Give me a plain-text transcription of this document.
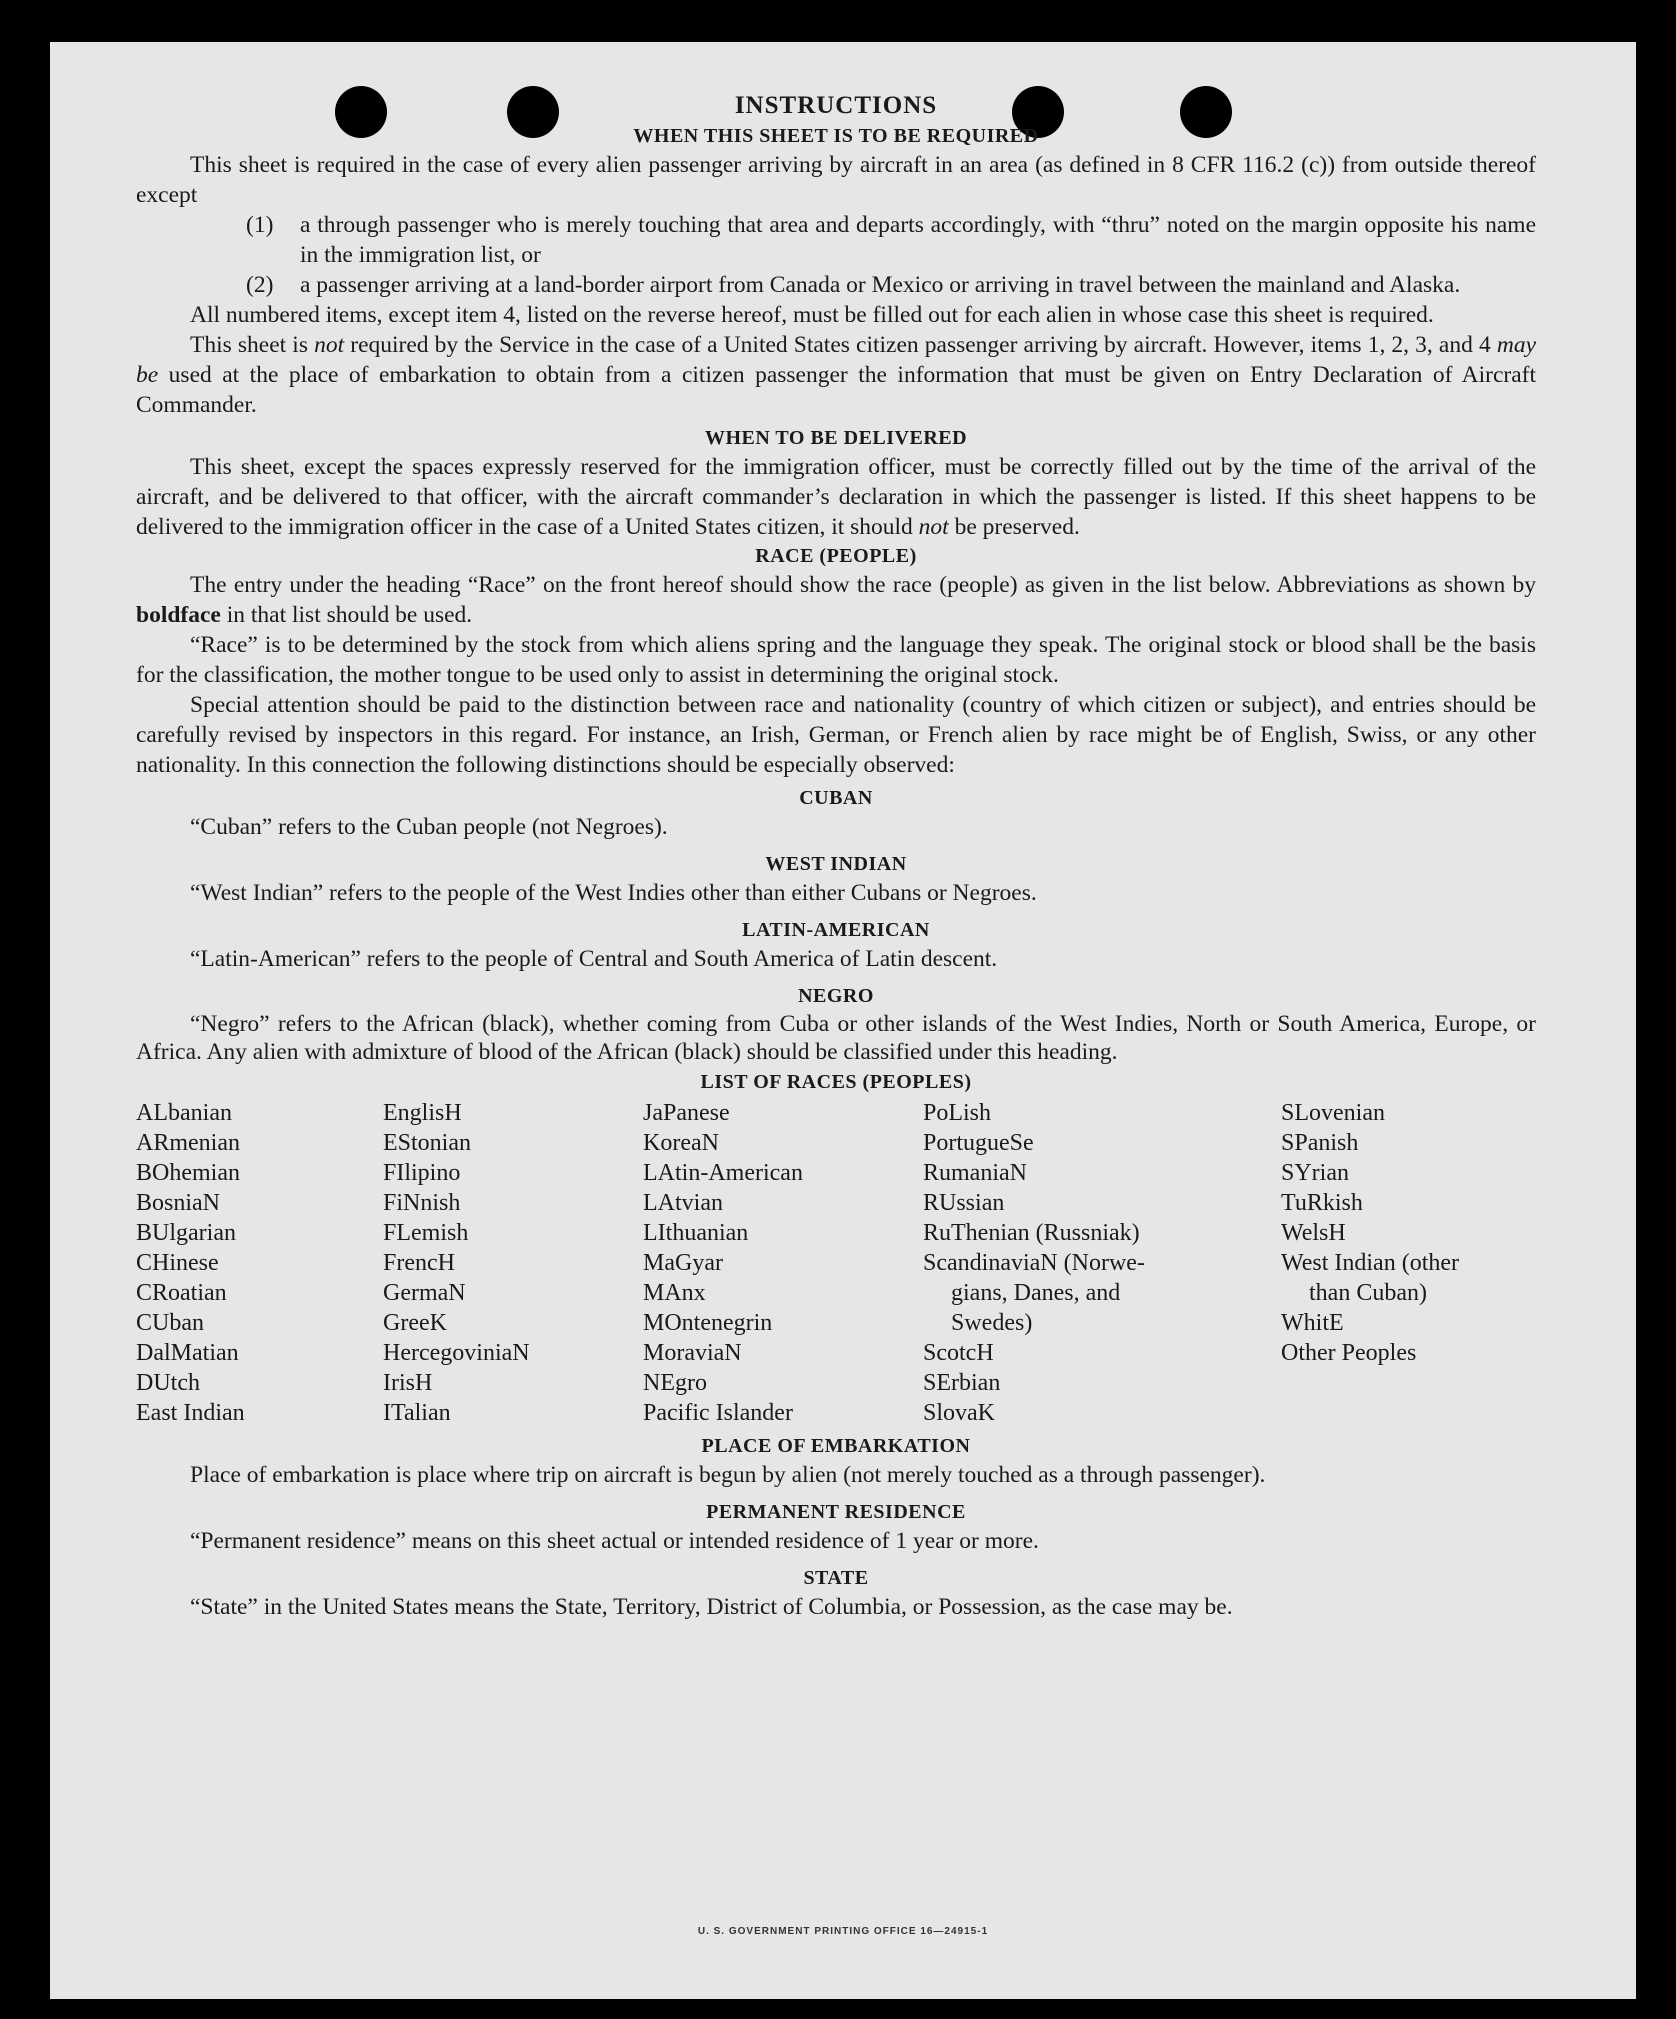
INSTRUCTIONS
WHEN THIS SHEET IS TO BE REQUIRED

This sheet is required in the case of every alien passenger arriving by aircraft in an area (as defined in 8 CFR 116.2 (c)) from outside thereof except

(1)	a through passenger who is merely touching that area and departs accordingly, with “thru” noted on the margin opposite his name in the immigration list, or
(2)	a passenger arriving at a land-border airport from Canada or Mexico or arriving in travel between the mainland and Alaska.

All numbered items, except item 4, listed on the reverse hereof, must be filled out for each alien in whose case this sheet is required.

This sheet is not required by the Service in the case of a United States citizen passenger arriving by aircraft. However, items 1, 2, 3, and 4 may be used at the place of embarkation to obtain from a citizen passenger the information that must be given on Entry Declaration of Aircraft Commander.

WHEN TO BE DELIVERED

This sheet, except the spaces expressly reserved for the immigration officer, must be correctly filled out by the time of the arrival of the aircraft, and be delivered to that officer, with the aircraft commander’s declaration in which the passenger is listed. If this sheet happens to be delivered to the immigration officer in the case of a United States citizen, it should not be preserved.

RACE (PEOPLE)

The entry under the heading “Race” on the front hereof should show the race (people) as given in the list below. Abbreviations as shown by boldface in that list should be used.

“Race” is to be determined by the stock from which aliens spring and the language they speak. The original stock or blood shall be the basis for the classification, the mother tongue to be used only to assist in determining the original stock.

Special attention should be paid to the distinction between race and nationality (country of which citizen or subject), and entries should be carefully revised by inspectors in this regard. For instance, an Irish, German, or French alien by race might be of English, Swiss, or any other nationality. In this connection the following distinctions should be especially observed:

CUBAN
“Cuban” refers to the Cuban people (not Negroes).
WEST INDIAN
“West Indian” refers to the people of the West Indies other than either Cubans or Negroes.
LATIN-AMERICAN
“Latin-American” refers to the people of Central and South America of Latin descent.
NEGRO

“Negro” refers to the African (black), whether coming from Cuba or other islands of the West Indies, North or South America, Europe, or Africa. Any alien with admixture of blood of the African (black) should be classified under this heading.

LIST OF RACES (PEOPLES)
ALbanian
ARmenian
BOhemian
BosniaN
BUlgarian
CHinese
CRoatian
CUban
DalMatian
DUtch
East Indian
EnglisH
EStonian
FIlipino
FiNnish
FLemish
FrencH
GermaN
GreeK
HercegoviniaN
IrisH
ITalian
JaPanese
KoreaN
LAtin-American
LAtvian
LIthuanian
MaGyar
MAnx
MOntenegrin
MoraviaN
NEgro
Pacific Islander
PoLish
PortugueSe
RumaniaN
RUssian
RuThenian (Russniak)
ScandinaviaN (Norwe-
gians, Danes, and
Swedes)
ScotcH
SErbian
SlovaK
SLovenian
SPanish
SYrian
TuRkish
WelsH
West Indian (other
than Cuban)
WhitE
Other Peoples
PLACE OF EMBARKATION

Place of embarkation is place where trip on aircraft is begun by alien (not merely touched as a through passenger).

PERMANENT RESIDENCE
“Permanent residence” means on this sheet actual or intended residence of 1 year or more.
STATE

“State” in the United States means the State, Territory, District of Columbia, or Possession, as the case may be.

U. S. GOVERNMENT PRINTING OFFICE 16—24915-1
